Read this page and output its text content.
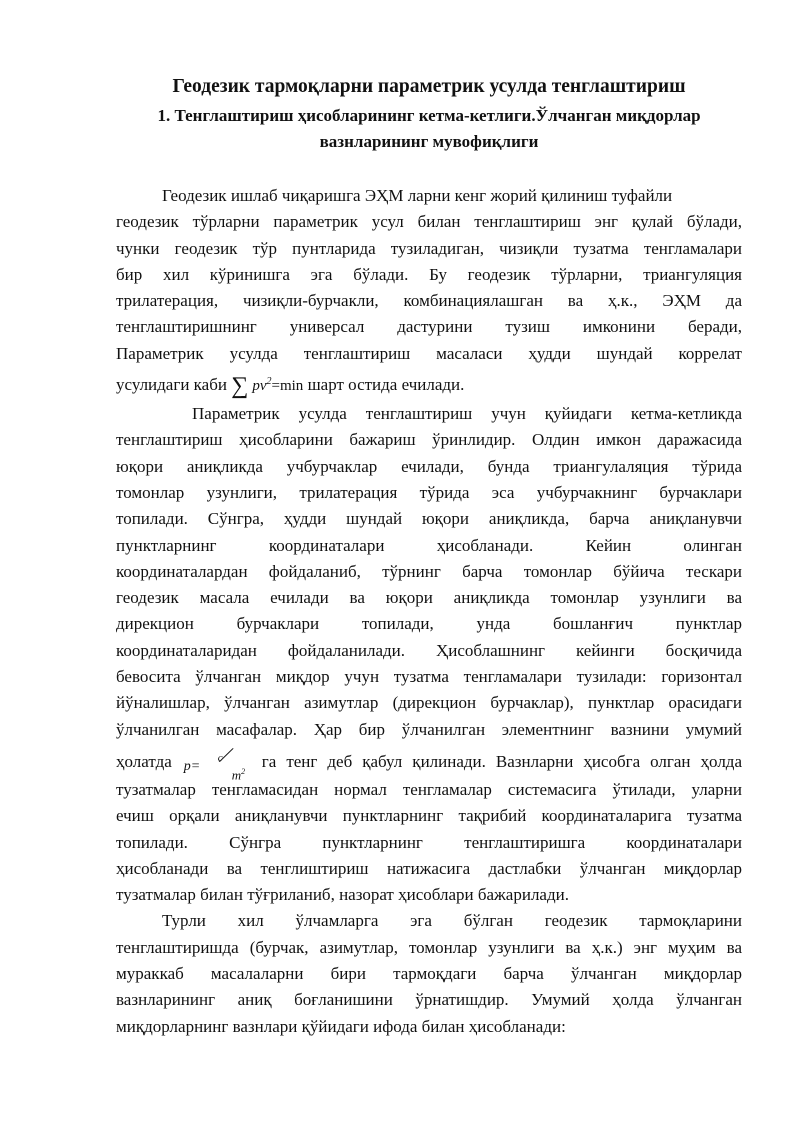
Геодезик тармоқларни параметрик усулда тенглаштириш
1. Тенглаштириш ҳисобларининг кетма-кетлиги.Ўлчанган миқдорлар
вазнларининг мувофиқлиги
Геодезик ишлаб чиқаришга ЭҲМ ларни кенг жорий қилиниш туфайли
геодезик тўрларни параметрик усул билан тенглаштириш энг қулай бўлади,
чунки геодезик тўр пунтларида тузиладиган, чизиқли тузатма тенгламалари
бир хил кўринишга эга бўлади. Бу геодезик тўрларни, триангуляция
трилатерация, чизиқли-бурчакли, комбинациялашган ва ҳ.к., ЭҲМ да
тенглаштиришнинг универсал дастурини тузиш имконини беради,
Параметрик усулда тенглаштириш масаласи ҳудди шундай коррелат
усулидаги каби ∑ $pv^2=\min$ шарт остида ечилади.
Параметрик усулда тенглаштириш учун қуйидаги кетма-кетликда
тенглаштириш ҳисобларини бажариш ўринлидир. Олдин имкон даражасида
юқори аниқликда учбурчаклар ечилади, бунда триангулаляция тўрида
томонлар узунлиги, трилатерация тўрида эса учбурчакнинг бурчаклари
топилади. Сўнгра, ҳудди шундай юқори аниқликда, барча аниқланувчи
пунктларнинг координаталари ҳисобланади. Кейин олинган
координаталардан фойдаланиб, тўрнинг барча томонлар бўйича тескари
геодезик масала ечилади ва юқори аниқликда томонлар узунлиги ва
дирекцион бурчаклари топилади, унда бошланғич пунктлар
координаталаридан фойдаланилади. Ҳисоблашнинг кейинги босқичида
бевосита ўлчанган миқдор учун тузатма тенгламалари тузилади: горизонтал
йўналишлар, ўлчанган азимутлар (дирекцион бурчаклар), пунктлар орасидаги
ўлчанилган масафалар. Ҳар бир ўлчанилган элементнинг вазнини умумий
ҳолатда p=
c
⁄
$m^2$
га тенг деб қабул қилинади. Вазнларни ҳисобга олган ҳолда
тузатмалар тенгламасидан нормал тенгламалар системасига ўтилади, уларни
ечиш орқали аниқланувчи пунктларнинг тақрибий координаталарига тузатма
топилади. Сўнгра пунктларнинг тенглаштиришга координаталари
ҳисобланади ва тенглиштириш натижасига дастлабки ўлчанган миқдорлар
тузатмалар билан тўғриланиб, назорат ҳисоблари бажарилади.
Турли хил ўлчамларга эга бўлган геодезик тармоқларини
тенглаштиришда (бурчак, азимутлар, томонлар узунлиги ва ҳ.к.) энг муҳим ва
мураккаб масалаларни бири тармоқдаги барча ўлчанган миқдорлар
вазнларининг аниқ боғланишини ўрнатишдир. Умумий ҳолда ўлчанган
миқдорларнинг вазнлари қўйидаги ифода билан ҳисобланади:
